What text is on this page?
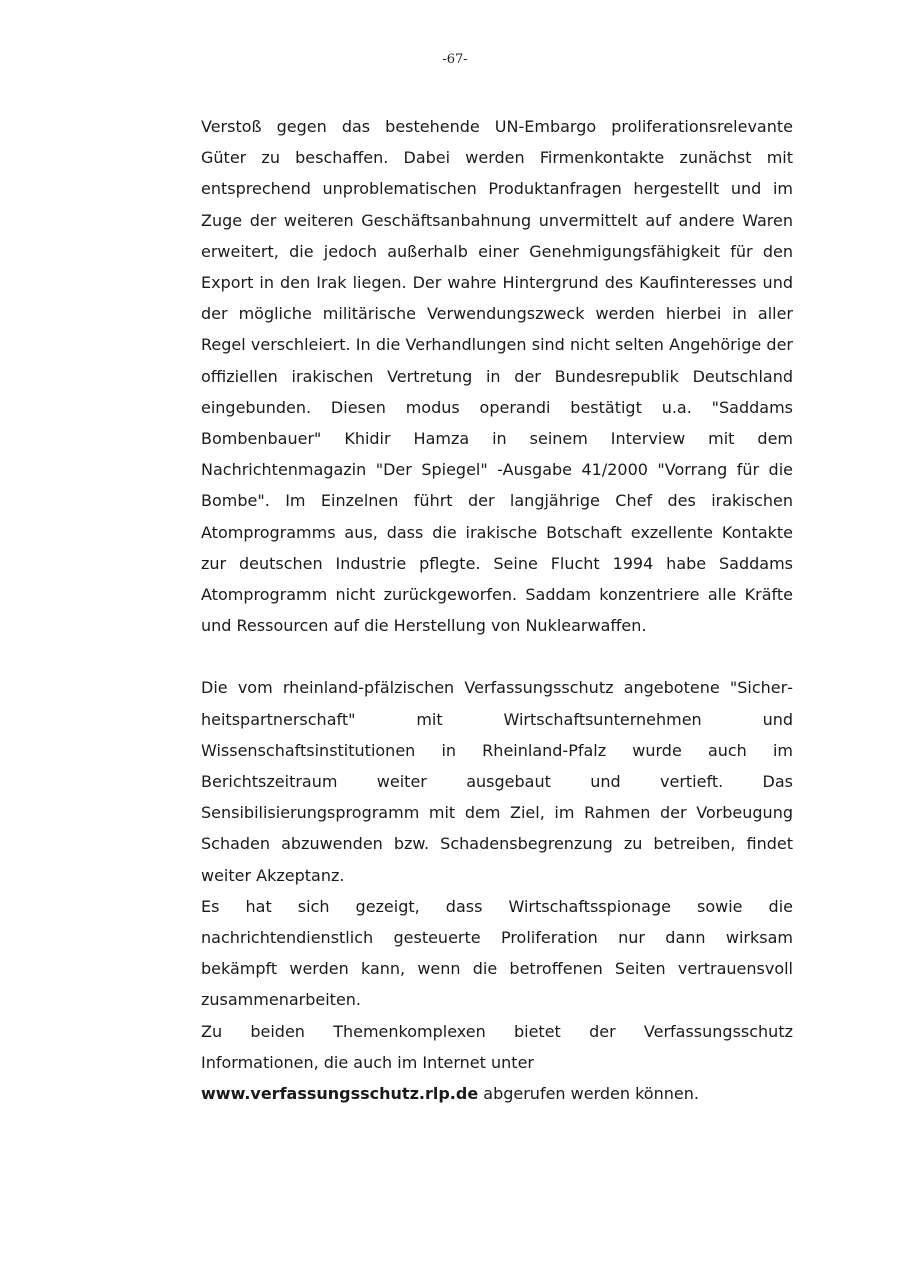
-67-

Verstoß gegen das bestehende UN-Embargo proliferationsrelevante Güter zu beschaffen. Dabei werden Firmenkontakte zunächst mit entsprechend unproblematischen Produktanfragen hergestellt und im Zuge der weiteren Geschäftsanbahnung unvermittelt auf andere Waren erweitert, die jedoch außerhalb einer Genehmigungsfähigkeit für den Export in den Irak liegen. Der wahre Hintergrund des Kaufinteresses und der mögliche militärische Verwendungszweck werden hierbei in aller Regel verschleiert. In die Verhandlungen sind nicht selten Angehörige der offiziellen irakischen Vertretung in der Bundesrepublik Deutschland eingebunden. Diesen modus operandi bestätigt u.a. "Saddams Bombenbauer" Khidir Hamza in seinem Interview mit dem Nachrichtenmagazin "Der Spiegel" -Ausgabe 41/2000 "Vorrang für die Bombe". Im Einzelnen führt der langjährige Chef des irakischen Atomprogramms aus, dass die irakische Botschaft exzellente Kontakte zur deutschen Industrie pflegte. Seine Flucht 1994 habe Saddams Atomprogramm nicht zurückgeworfen. Saddam konzentriere alle Kräfte und Ressourcen auf die Herstellung von Nuklearwaffen.

Die vom rheinland-pfälzischen Verfassungsschutz angebotene "Sicherheitspartnerschaft" mit Wirtschaftsunternehmen und Wissenschaftsinstitutionen in Rheinland-Pfalz wurde auch im Berichtszeitraum weiter ausgebaut und vertieft. Das Sensibilisierungsprogramm mit dem Ziel, im Rahmen der Vorbeugung Schaden abzuwenden bzw. Schadensbegrenzung zu betreiben, findet weiter Akzeptanz.

Es hat sich gezeigt, dass Wirtschaftsspionage sowie die nachrichtendienstlich gesteuerte Proliferation nur dann wirksam bekämpft werden kann, wenn die betroffenen Seiten vertrauensvoll zusammenarbeiten.

Zu beiden Themenkomplexen bietet der Verfassungsschutz Informationen, die auch im Internet unter

www.verfassungsschutz.rlp.de abgerufen werden können.
